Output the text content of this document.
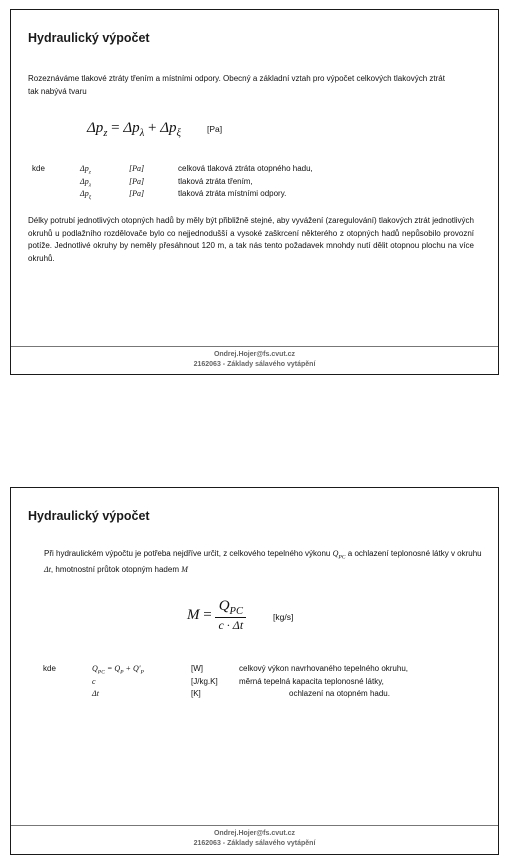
Hydraulický výpočet
Rozeznáváme tlakové ztráty třením a místními odpory. Obecný a základní vztah pro výpočet celkových tlakových ztrát tak nabývá tvaru
$\Delta p_z = \Delta p_\lambda + \Delta p_\xi$	[Pa]
kde	$\Delta p_z$	[Pa]	celková tlaková ztráta otopného hadu,
$\Delta p_\lambda$	[Pa]	tlaková ztráta třením,
$\Delta p_\xi$	[Pa]	tlaková ztráta místními odpory.
Délky potrubí jednotlivých otopných hadů by měly být přibližně stejné, aby vyvážení (zaregulování) tlakových ztrát jednotlivých okruhů u podlažního rozdělovače bylo co nejjednodušší a vysoké zaškrcení některého z otopných hadů nepůsobilo provozní potíže. Jednotlivé okruhy by neměly přesáhnout 120 m, a tak nás tento požadavek mnohdy nutí dělit otopnou plochu na více okruhů.
Ondrej.Hojer@fs.cvut.cz
2162063 - Základy sálavého vytápění
Hydraulický výpočet
Při hydraulickém výpočtu je potřeba nejdříve určit, z celkového tepelného výkonu $Q_{PC}$ a ochlazení teplonosné látky v okruhu Δt, hmotnostní průtok otopným hadem M
$M = \frac{Q_{PC}}{c \cdot \Delta t}$	[kg/s]
kde	$Q_{PC} = Q_P + Q'_P$	[W]	celkový výkon navrhovaného tepelného okruhu,
c	[J/kg.K]	měrná tepelná kapacita teplonosné látky,
Δt	[K]	ochlazení na otopném hadu.
Ondrej.Hojer@fs.cvut.cz
2162063 - Základy sálavého vytápění
